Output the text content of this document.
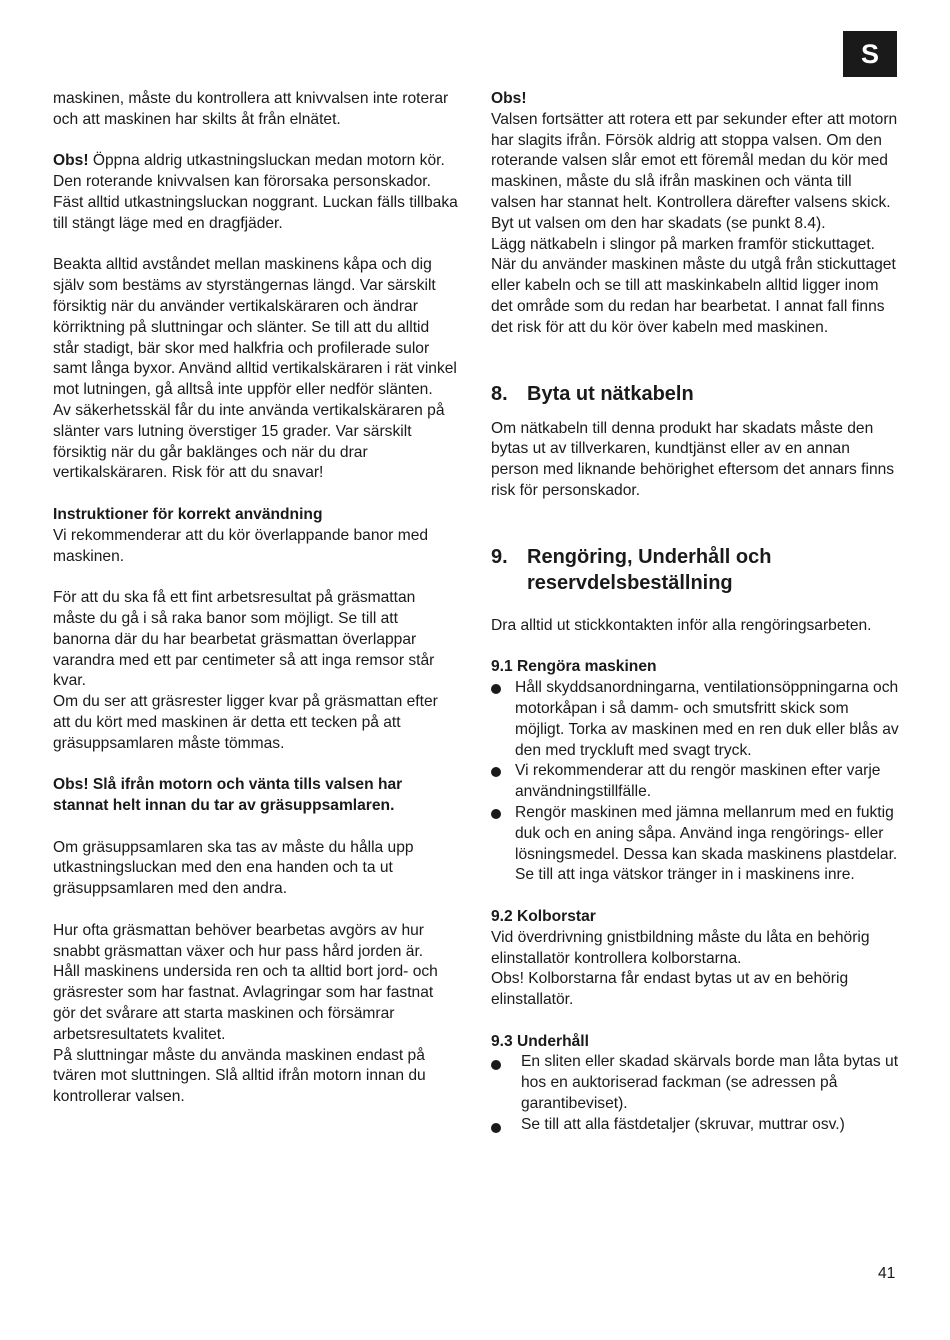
S

maskinen, måste du kontrollera att knivvalsen inte roterar och att maskinen har skilts åt från elnätet.

Obs! Öppna aldrig utkastningsluckan medan motorn kör. Den roterande knivvalsen kan förorsaka personskador. Fäst alltid utkastningsluckan noggrant. Luckan fälls tillbaka till stängt läge med en dragfjäder.

Beakta alltid avståndet mellan maskinens kåpa och dig själv som bestäms av styrstängernas längd. Var särskilt försiktig när du använder vertikalskäraren och ändrar körriktning på sluttningar och slänter. Se till att du alltid står stadigt, bär skor med halkfria och profilerade sulor samt långa byxor. Använd alltid vertikalskäraren i rät vinkel mot lutningen, gå alltså inte uppför eller nedför slänten.

Av säkerhetsskäl får du inte använda vertikalskäraren på slänter vars lutning överstiger 15 grader. Var särskilt försiktig när du går baklänges och när du drar vertikalskäraren. Risk för att du snavar!

Instruktioner för korrekt användning

Vi rekommenderar att du kör överlappande banor med maskinen.

För att du ska få ett fint arbetsresultat på gräsmattan måste du gå i så raka banor som möjligt. Se till att banorna där du har bearbetat gräsmattan överlappar varandra med ett par centimeter så att inga remsor står kvar.

Om du ser att gräsrester ligger kvar på gräsmattan efter att du kört med maskinen är detta ett tecken på att gräsuppsamlaren måste tömmas.

Obs! Slå ifrån motorn och vänta tills valsen har stannat helt innan du tar av gräsuppsamlaren.

Om gräsuppsamlaren ska tas av måste du hålla upp utkastningsluckan med den ena handen och ta ut gräsuppsamlaren med den andra.

Hur ofta gräsmattan behöver bearbetas avgörs av hur snabbt gräsmattan växer och hur pass hård jorden är.

Håll maskinens undersida ren och ta alltid bort jord- och gräsrester som har fastnat. Avlagringar som har fastnat gör det svårare att starta maskinen och försämrar arbetsresultatets kvalitet.

På sluttningar måste du använda maskinen endast på tvären mot sluttningen. Slå alltid ifrån motorn innan du kontrollerar valsen.

Obs!

Valsen fortsätter att rotera ett par sekunder efter att motorn har slagits ifrån. Försök aldrig att stoppa valsen. Om den roterande valsen slår emot ett föremål medan du kör med maskinen, måste du slå ifrån maskinen och vänta till valsen har stannat helt. Kontrollera därefter valsens skick. Byt ut valsen om den har skadats (se punkt 8.4).

Lägg nätkabeln i slingor på marken framför stickuttaget. När du använder maskinen måste du utgå från stickuttaget eller kabeln och se till att maskinkabeln alltid ligger inom det område som du redan har bearbetat. I annat fall finns det risk för att du kör över kabeln med maskinen.

8. Byta ut nätkabeln

Om nätkabeln till denna produkt har skadats måste den bytas ut av tillverkaren, kundtjänst eller av en annan person med liknande behörighet eftersom det annars finns risk för personskador.

9. Rengöring, Underhåll och reservdelsbeställning

Dra alltid ut stickkontakten inför alla rengöringsarbeten.

9.1 Rengöra maskinen

Håll skyddsanordningarna, ventilationsöppningarna och motorkåpan i så damm- och smutsfritt skick som möjligt. Torka av maskinen med en ren duk eller blås av den med tryckluft med svagt tryck.
Vi rekommenderar att du rengör maskinen efter varje användningstillfälle.
Rengör maskinen med jämna mellanrum med en fuktig duk och en aning såpa. Använd inga rengörings- eller lösningsmedel. Dessa kan skada maskinens plastdelar. Se till att inga vätskor tränger in i maskinens inre.

9.2 Kolborstar

Vid överdrivning gnistbildning måste du låta en behörig elinstallatör kontrollera kolborstarna.

Obs! Kolborstarna får endast bytas ut av en behörig elinstallatör.

9.3 Underhåll

En sliten eller skadad skärvals borde man låta bytas ut hos en auktoriserad fackman (se adressen på garantibeviset).
Se till att alla fästdetaljer (skruvar, muttrar osv.)
41
